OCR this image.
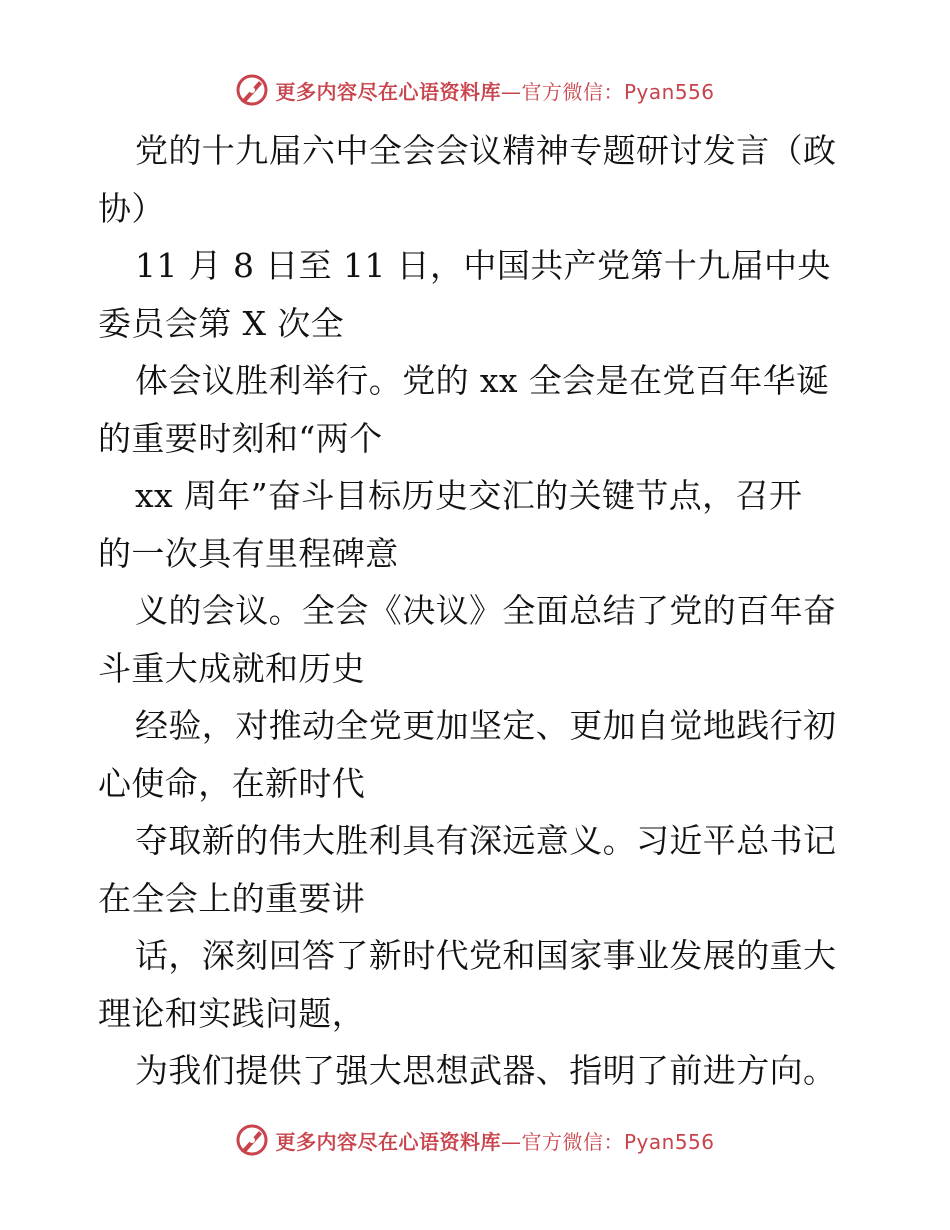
更多内容尽在心语资料库—官方微信：Pyan556
党的十九届六中全会会议精神专题研讨发言（政
协）
11 月 8 日至 11 日，中国共产党第十九届中央
委员会第 X 次全
体会议胜利举行。党的 xx 全会是在党百年华诞
的重要时刻和“两个
xx 周年”奋斗目标历史交汇的关键节点，召开
的一次具有里程碑意
义的会议。全会《决议》全面总结了党的百年奋
斗重大成就和历史
经验，对推动全党更加坚定、更加自觉地践行初
心使命，在新时代
夺取新的伟大胜利具有深远意义。习近平总书记
在全会上的重要讲
话，深刻回答了新时代党和国家事业发展的重大
理论和实践问题，
为我们提供了强大思想武器、指明了前进方向。
更多内容尽在心语资料库—官方微信：Pyan556
